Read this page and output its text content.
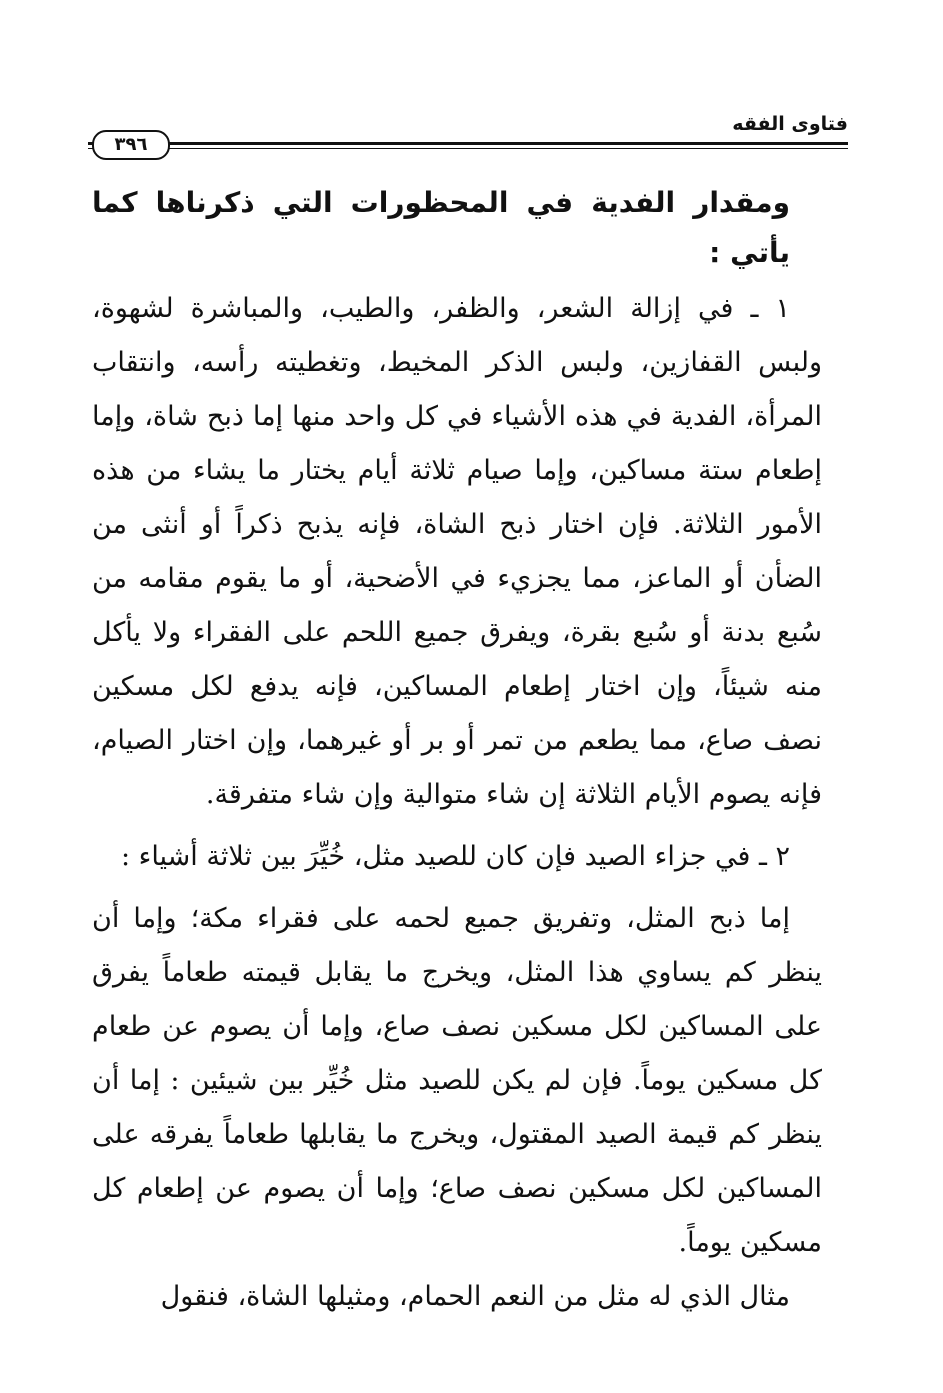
فتاوى الفقه
٣٩٦
ومقدار الفدية في المحظورات التي ذكرناها كما يأتي :

١ ـ في إزالة الشعر، والظفر، والطيب، والمباشرة لشهوة، ولبس القفازين، ولبس الذكر المخيط، وتغطيته رأسه، وانتقاب المرأة، الفدية في هذه الأشياء في كل واحد منها إما ذبح شاة، وإما إطعام ستة مساكين، وإما صيام ثلاثة أيام يختار ما يشاء من هذه الأمور الثلاثة. فإن اختار ذبح الشاة، فإنه يذبح ذكراً أو أنثى من الضأن أو الماعز، مما يجزيء في الأضحية، أو ما يقوم مقامه من سُبع بدنة أو سُبع بقرة، ويفرق جميع اللحم على الفقراء ولا يأكل منه شيئاً، وإن اختار إطعام المساكين، فإنه يدفع لكل مسكين نصف صاع، مما يطعم من تمر أو بر أو غيرهما، وإن اختار الصيام، فإنه يصوم الأيام الثلاثة إن شاء متوالية وإن شاء متفرقة.

٢ ـ في جزاء الصيد فإن كان للصيد مثل، خُيِّرَ بين ثلاثة أشياء :

إما ذبح المثل، وتفريق جميع لحمه على فقراء مكة؛ وإما أن ينظر كم يساوي هذا المثل، ويخرج ما يقابل قيمته طعاماً يفرق على المساكين لكل مسكين نصف صاع، وإما أن يصوم عن طعام كل مسكين يوماً. فإن لم يكن للصيد مثل خُيِّر بين شيئين : إما أن ينظر كم قيمة الصيد المقتول، ويخرج ما يقابلها طعاماً يفرقه على المساكين لكل مسكين نصف صاع؛ وإما أن يصوم عن إطعام كل مسكين يوماً.

مثال الذي له مثل من النعم الحمام، ومثيلها الشاة، فنقول
